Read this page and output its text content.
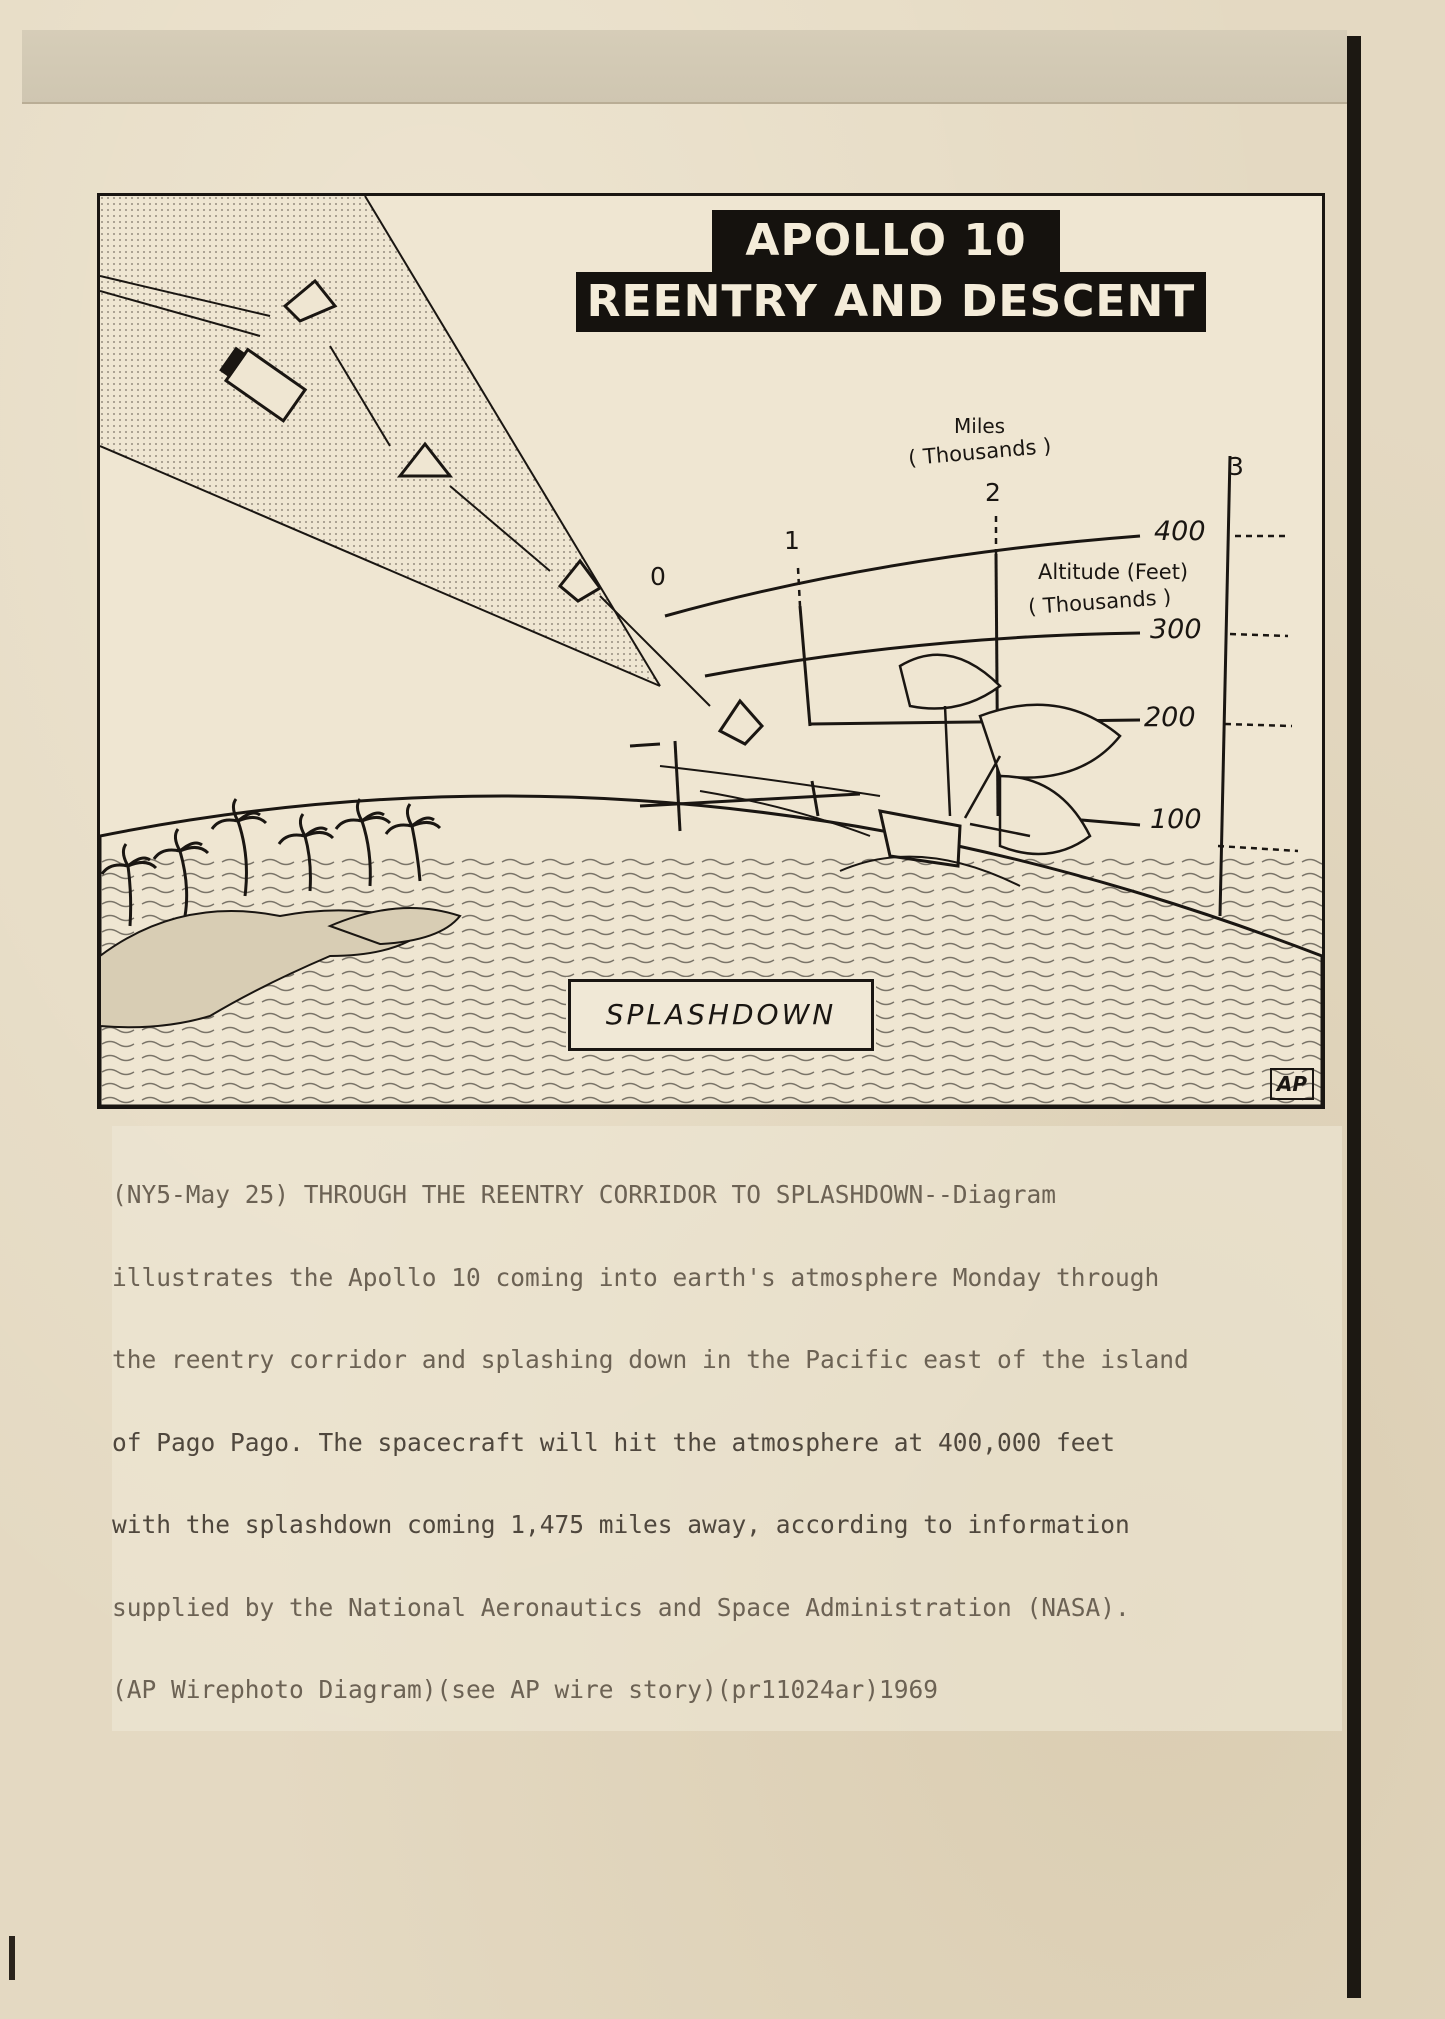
APOLLO 10
REENTRY AND DESCENT
Miles
( Thousands )
Altitude (Feet)
( Thousands )
0
1
2
3
400
300
200
100
SPLASHDOWN
AP

(NY5-May 25) THROUGH THE REENTRY CORRIDOR TO SPLASHDOWN--Diagram

illustrates the Apollo 10 coming into earth's atmosphere Monday through

the reentry corridor and splashing down in the Pacific east of the island

of Pago Pago. The spacecraft will hit the atmosphere at 400,000 feet

with the splashdown coming 1,475 miles away, according to information

supplied by the National Aeronautics and Space Administration (NASA).

(AP Wirephoto Diagram)(see AP wire story)(pr11024ar)1969
